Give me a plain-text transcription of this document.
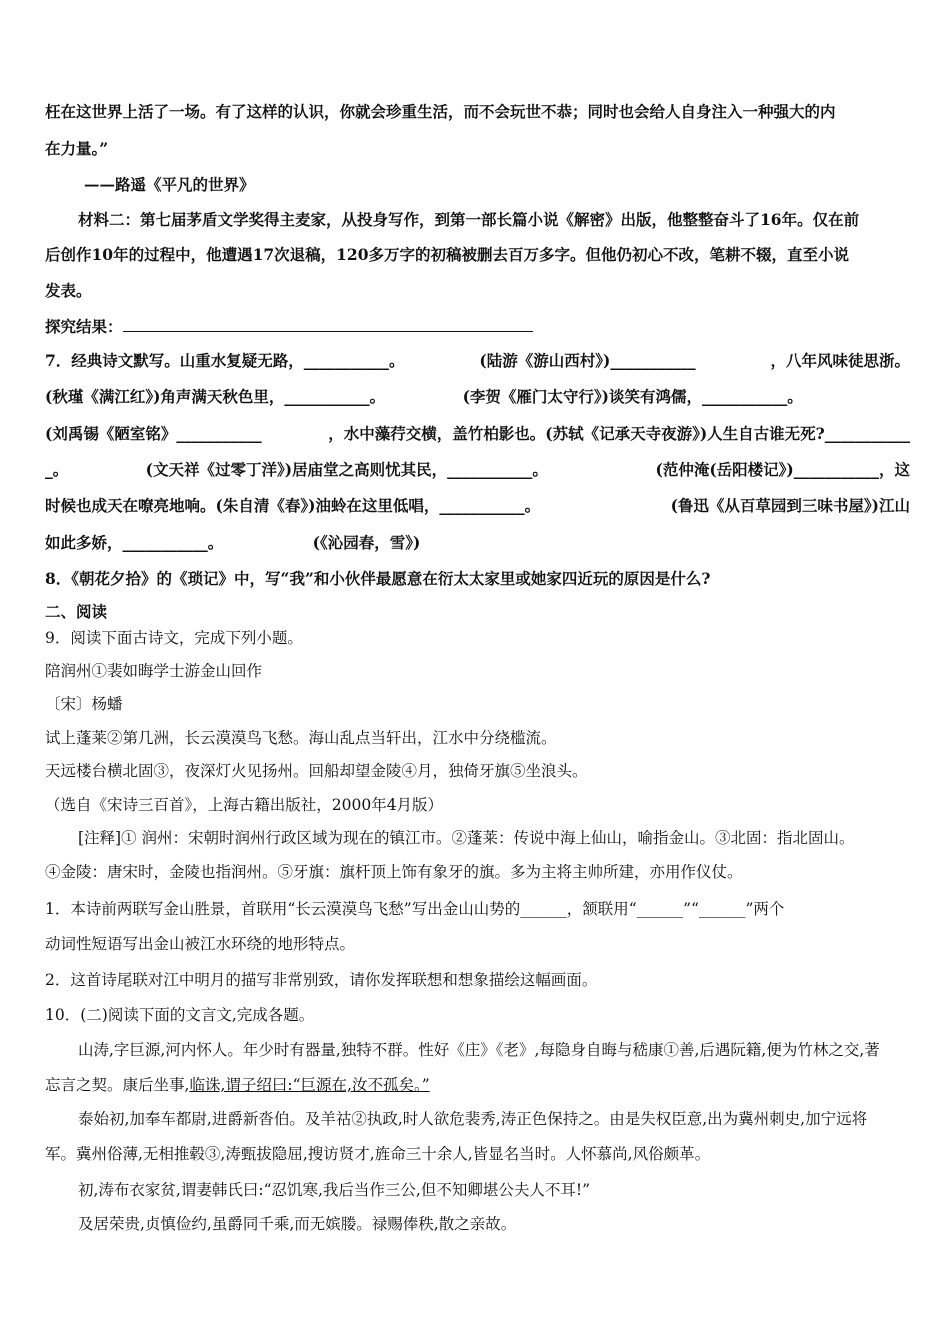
枉在这世界上活了一场。有了这样的认识，你就会珍重生活，而不会玩世不恭；同时也会给人自身注入一种强大的内
在力量。”
——路遥《平凡的世界》
材料二：第七届茅盾文学奖得主麦家，从投身写作，到第一部长篇小说《解密》出版，他整整奋斗了16年。仅在前
后创作10年的过程中，他遭遇17次退稿，120多万字的初稿被删去百万多字。但他仍初心不改，笔耕不辍，直至小说
发表。
探究结果：
7．经典诗文默写。山重水复疑无路，___________。	(陆游《游山西村》)___________	，八年风味徒思浙。
(秋瑾《满江红》)角声满天秋色里，___________。	(李贺《雁门太守行》)谈笑有鸿儒，___________。
(刘禹锡《陋室铭》___________	，水中藻荇交横，盖竹柏影也。(苏轼《记承天寺夜游》)人生自古谁无死?___________
_。	(文天祥《过零丁洋》)居庙堂之高则忧其民，___________。	(范仲淹(岳阳楼记》)___________，这
时候也成天在嘹亮地响。(朱自清《春》)油蛉在这里低唱，___________。	(鲁迅《从百草园到三味书屋》)江山
如此多娇，___________。	(《沁园春，雪》)
8．《朝花夕拾》的《琐记》中，写“我”和小伙伴最愿意在衍太太家里或她家四近玩的原因是什么?
二、阅读
9．阅读下面古诗文，完成下列小题。
陪润州①裴如晦学士游金山回作
〔宋〕杨蟠
试上蓬莱②第几洲，长云漠漠鸟飞愁。海山乱点当轩出，江水中分绕槛流。
天远楼台横北固③，夜深灯火见扬州。回船却望金陵④月，独倚牙旗⑤坐浪头。
（选自《宋诗三百首》，上海古籍出版社，2000年4月版）
[注释]① 润州：宋朝时润州行政区域为现在的镇江市。②蓬莱：传说中海上仙山，喻指金山。③北固：指北固山。
④金陵：唐宋时，金陵也指润州。⑤牙旗：旗杆顶上饰有象牙的旗。多为主将主帅所建，亦用作仪仗。
1．本诗前两联写金山胜景，首联用“长云漠漠鸟飞愁”写出金山山势的______，颔联用“______”“______”两个
动词性短语写出金山被江水环绕的地形特点。
2．这首诗尾联对江中明月的描写非常别致，请你发挥联想和想象描绘这幅画面。
10．(二)阅读下面的文言文,完成各题。
山涛,字巨源,河内怀人。年少时有器量,独特不群。性好《庄》《老》,每隐身自晦与嵇康①善,后遇阮籍,便为竹林之交,著
忘言之契。康后坐事,临诛,谓子绍曰:“巨源在,汝不孤矣。”
泰始初,加奉车都尉,进爵新沓伯。及羊祜②执政,时人欲危裴秀,涛正色保持之。由是失权臣意,出为冀州刺史,加宁远将
军。冀州俗薄,无相推毂③,涛甄拔隐屈,搜访贤才,旌命三十余人,皆显名当时。人怀慕尚,风俗颇革。
初,涛布衣家贫,谓妻韩氏曰:“忍饥寒,我后当作三公,但不知卿堪公夫人不耳!”
及居荣贵,贞慎俭约,虽爵同千乘,而无嫔媵。禄赐俸秩,散之亲故。
